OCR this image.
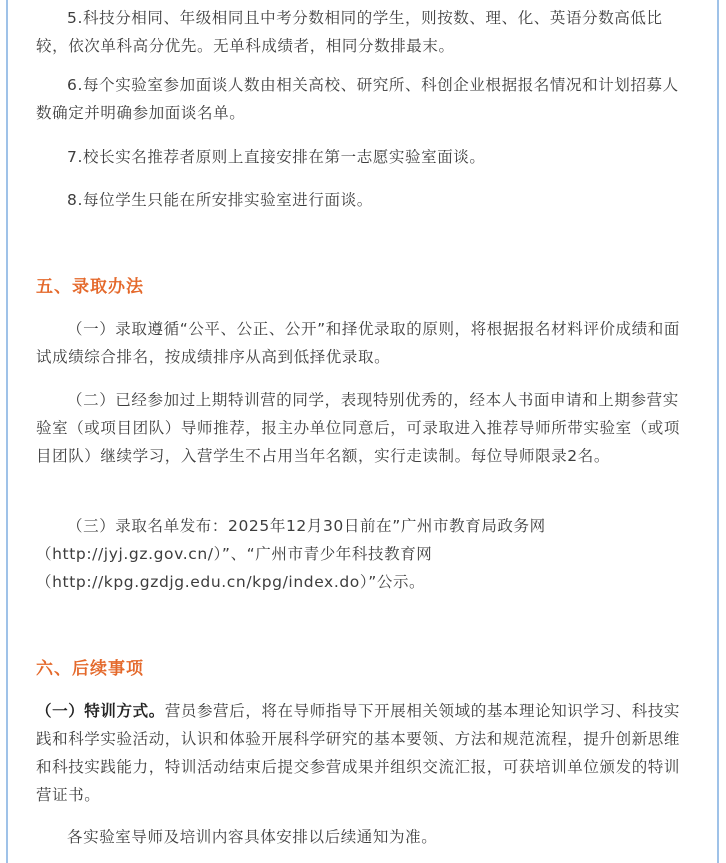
5.科技分相同、年级相同且中考分数相同的学生，则按数、理、化、英语分数高低比较，依次单科高分优先。无单科成绩者，相同分数排最末。

6.每个实验室参加面谈人数由相关高校、研究所、科创企业根据报名情况和计划招募人数确定并明确参加面谈名单。

7.校长实名推荐者原则上直接安排在第一志愿实验室面谈。

8.每位学生只能在所安排实验室进行面谈。

五、录取办法

（一）录取遵循“公平、公正、公开”和择优录取的原则，将根据报名材料评价成绩和面试成绩综合排名，按成绩排序从高到低择优录取。

（二）已经参加过上期特训营的同学，表现特别优秀的，经本人书面申请和上期参营实验室（或项目团队）导师推荐，报主办单位同意后，可录取进入推荐导师所带实验室（或项目团队）继续学习，入营学生不占用当年名额，实行走读制。每位导师限录2名。

（三）录取名单发布：2025年12月30日前在”广州市教育局政务网（http://jyj.gz.gov.cn/）”、“广州市青少年科技教育网（http://kpg.gzdjg.edu.cn/kpg/index.do）”公示。

六、后续事项

（一）特训方式。营员参营后，将在导师指导下开展相关领域的基本理论知识学习、科技实践和科学实验活动，认识和体验开展科学研究的基本要领、方法和规范流程，提升创新思维和科技实践能力，特训活动结束后提交参营成果并组织交流汇报，可获培训单位颁发的特训营证书。

各实验室导师及培训内容具体安排以后续通知为准。
